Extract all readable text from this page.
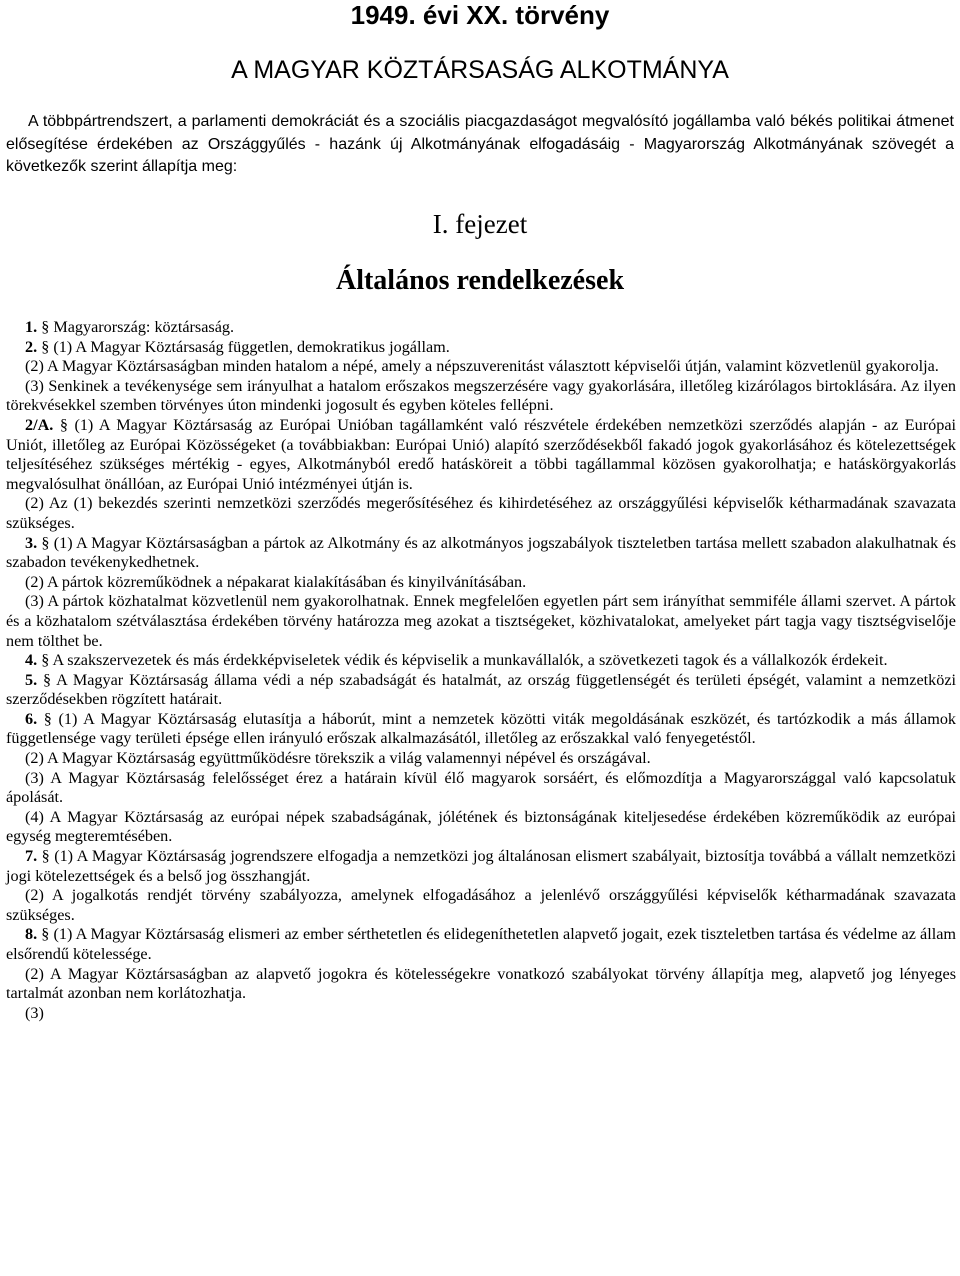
1949. évi XX. törvény
A MAGYAR KÖZTÁRSASÁG ALKOTMÁNYA

A többpártrendszert, a parlamenti demokráciát és a szociális piacgazdaságot megvalósító jogállamba való békés politikai átmenet elősegítése érdekében az Országgyűlés - hazánk új Alkotmányának elfogadásáig - Magyarország Alkotmányának szövegét a következők szerint állapítja meg:

I. fejezet
Általános rendelkezések

1. § Magyarország: köztársaság.

2. § (1) A Magyar Köztársaság független, demokratikus jogállam.

(2) A Magyar Köztársaságban minden hatalom a népé, amely a népszuverenitást választott képviselői útján, valamint közvetlenül gyakorolja.

(3) Senkinek a tevékenysége sem irányulhat a hatalom erőszakos megszerzésére vagy gyakorlására, illetőleg kizárólagos birtoklására. Az ilyen törekvésekkel szemben törvényes úton mindenki jogosult és egyben köteles fellépni.

2/A. § (1) A Magyar Köztársaság az Európai Unióban tagállamként való részvétele érdekében nemzetközi szerződés alapján - az Európai Uniót, illetőleg az Európai Közösségeket (a továbbiakban: Európai Unió) alapító szerződésekből fakadó jogok gyakorlásához és kötelezettségek teljesítéséhez szükséges mértékig - egyes, Alkotmányból eredő hatásköreit a többi tagállammal közösen gyakorolhatja; e hatáskörgyakorlás megvalósulhat önállóan, az Európai Unió intézményei útján is.

(2) Az (1) bekezdés szerinti nemzetközi szerződés megerősítéséhez és kihirdetéséhez az országgyűlési képviselők kétharmadának szavazata szükséges.

3. § (1) A Magyar Köztársaságban a pártok az Alkotmány és az alkotmányos jogszabályok tiszteletben tartása mellett szabadon alakulhatnak és szabadon tevékenykedhetnek.

(2) A pártok közreműködnek a népakarat kialakításában és kinyilvánításában.

(3) A pártok közhatalmat közvetlenül nem gyakorolhatnak. Ennek megfelelően egyetlen párt sem irányíthat semmiféle állami szervet. A pártok és a közhatalom szétválasztása érdekében törvény határozza meg azokat a tisztségeket, közhivatalokat, amelyeket párt tagja vagy tisztségviselője nem tölthet be.

4. § A szakszervezetek és más érdekképviseletek védik és képviselik a munkavállalók, a szövetkezeti tagok és a vállalkozók érdekeit.

5. § A Magyar Köztársaság állama védi a nép szabadságát és hatalmát, az ország függetlenségét és területi épségét, valamint a nemzetközi szerződésekben rögzített határait.

6. § (1) A Magyar Köztársaság elutasítja a háborút, mint a nemzetek közötti viták megoldásának eszközét, és tartózkodik a más államok függetlensége vagy területi épsége ellen irányuló erőszak alkalmazásától, illetőleg az erőszakkal való fenyegetéstől.

(2) A Magyar Köztársaság együttműködésre törekszik a világ valamennyi népével és országával.

(3) A Magyar Köztársaság felelősséget érez a határain kívül élő magyarok sorsáért, és előmozdítja a Magyarországgal való kapcsolatuk ápolását.

(4) A Magyar Köztársaság az európai népek szabadságának, jólétének és biztonságának kiteljesedése érdekében közreműködik az európai egység megteremtésében.

7. § (1) A Magyar Köztársaság jogrendszere elfogadja a nemzetközi jog általánosan elismert szabályait, biztosítja továbbá a vállalt nemzetközi jogi kötelezettségek és a belső jog összhangját.

(2) A jogalkotás rendjét törvény szabályozza, amelynek elfogadásához a jelenlévő országgyűlési képviselők kétharmadának szavazata szükséges.

8. § (1) A Magyar Köztársaság elismeri az ember sérthetetlen és elidegeníthetetlen alapvető jogait, ezek tiszteletben tartása és védelme az állam elsőrendű kötelessége.

(2) A Magyar Köztársaságban az alapvető jogokra és kötelességekre vonatkozó szabályokat törvény állapítja meg, alapvető jog lényeges tartalmát azonban nem korlátozhatja.

(3)
